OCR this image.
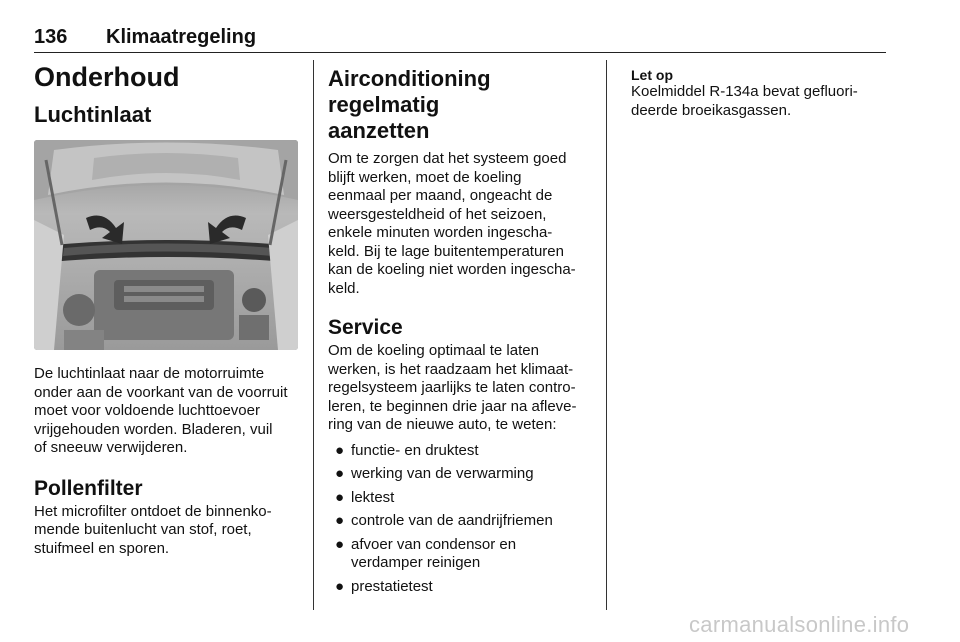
136 Klimaatregeling
Onderhoud
Luchtinlaat

De luchtinlaat naar de motorruimte

onder aan de voorkant van de voorruit

moet voor voldoende luchttoevoer

vrijgehouden worden. Bladeren, vuil

of sneeuw verwijderen.

Pollenfilter

Het microfilter ontdoet de binnenko-

mende buitenlucht van stof, roet,

stuifmeel en sporen.

Airconditioning regelmatig
aanzetten

Om te zorgen dat het systeem goed

blijft werken, moet de koeling

eenmaal per maand, ongeacht de

weersgesteldheid of het seizoen,

enkele minuten worden ingescha-

keld. Bij te lage buitentemperaturen

kan de koeling niet worden ingescha-

keld.

Service

Om de koeling optimaal te laten

werken, is het raadzaam het klimaat-

regelsysteem jaarlijks te laten contro-

leren, te beginnen drie jaar na afleve-

ring van de nieuwe auto, te weten:

● functie- en druktest
● werking van de verwarming
● lektest
● controle van de aandrijfriemen
● afvoer van condensor en
verdamper reinigen
● prestatietest
Let op

Koelmiddel R-134a bevat gefluori-

deerde broeikasgassen.

carmanualsonline.info
